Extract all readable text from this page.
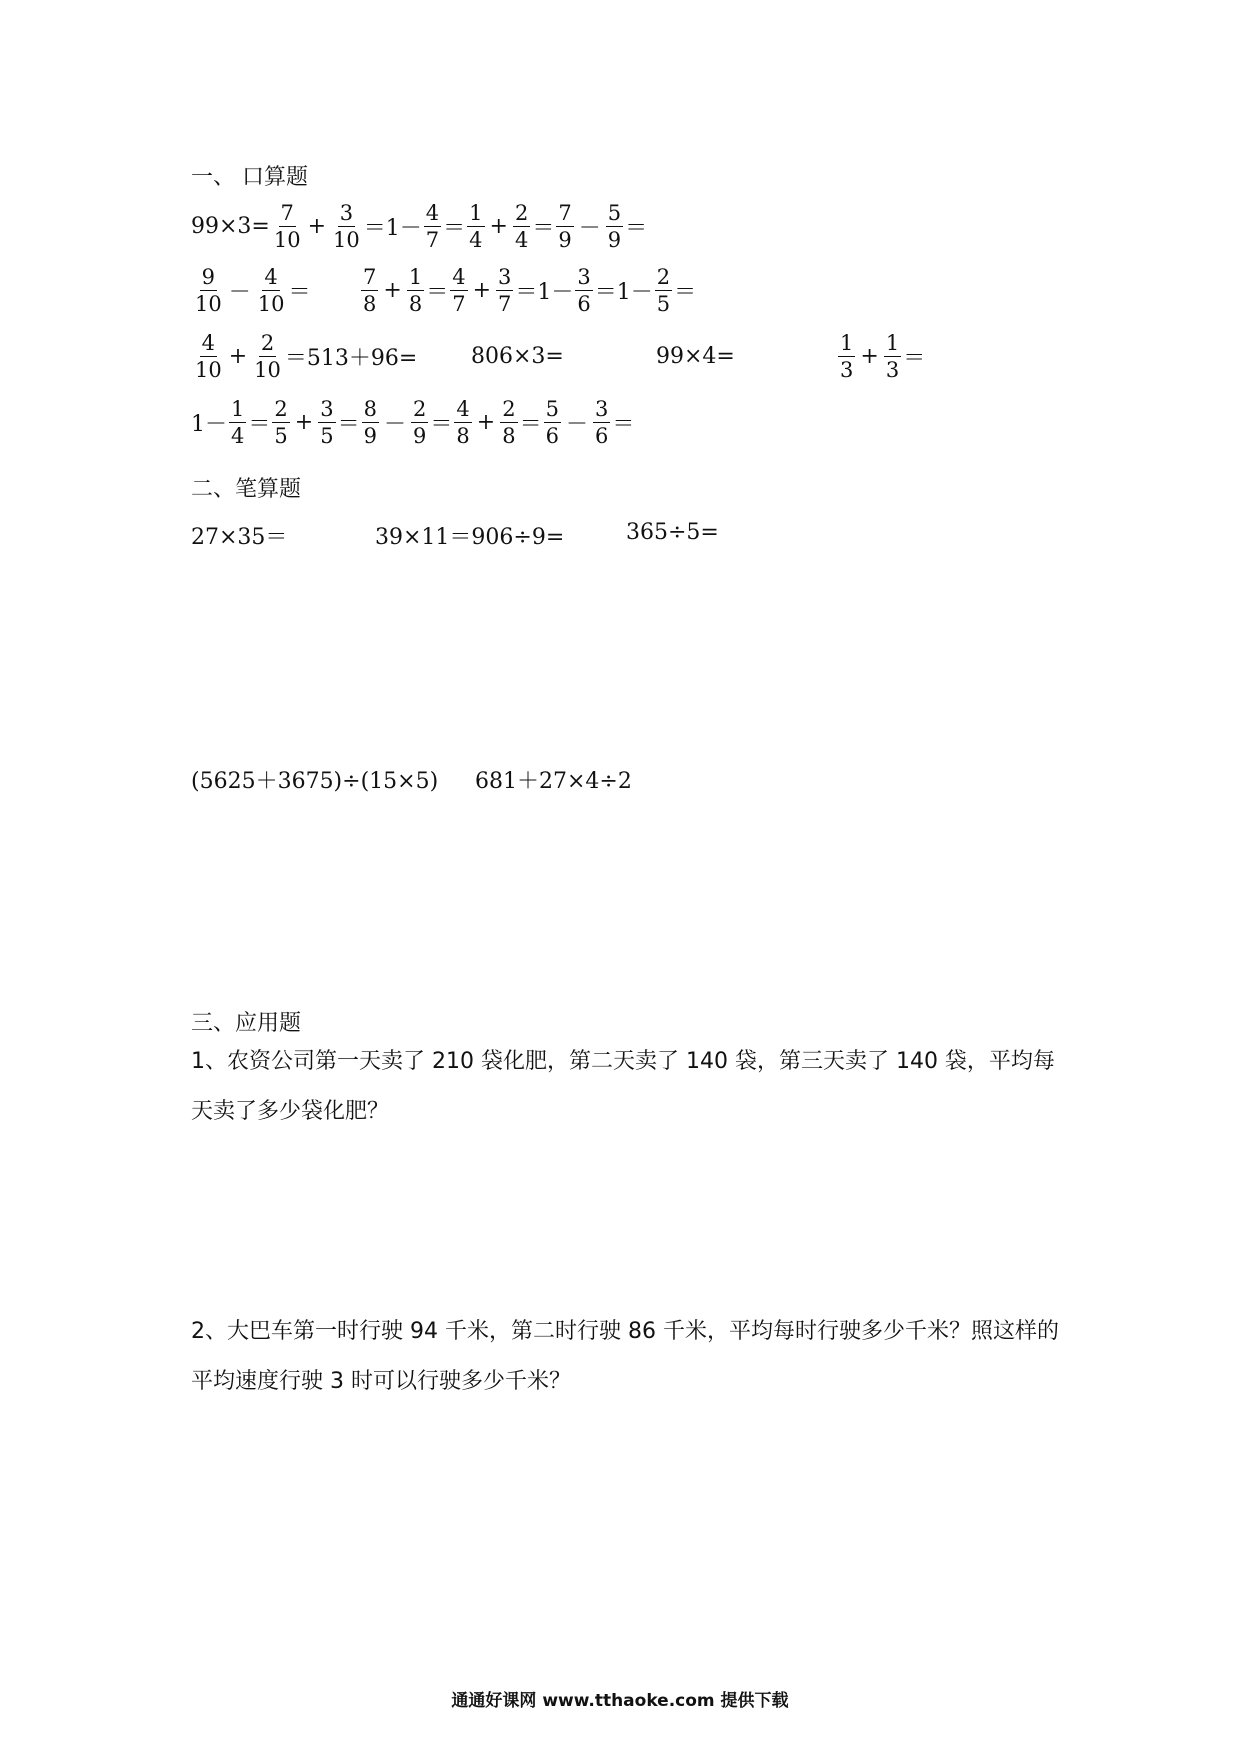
一、 口算题
$99\times 3= \frac{7}{10} + \frac{3}{10} =1- \frac{4}{7} = \frac{1}{4} + \frac{2}{4} = \frac{7}{9} - \frac{5}{9}$ ＝
$\frac{9}{10} - \frac{4}{10} = \frac{7}{8} + \frac{1}{8} = \frac{4}{7} + \frac{3}{7} =1- \frac{3}{6} =1- \frac{2}{5}$ ＝
$\frac{4}{10} + \frac{2}{10} =513+96= 806\times 3=$	99×4=	$\frac{1}{3} + \frac{1}{3}$ ＝
$1- \frac{1}{4} = \frac{2}{5} + \frac{3}{5} = \frac{8}{9} - \frac{2}{9} = \frac{4}{8} + \frac{2}{8} = \frac{5}{6} - \frac{3}{6}$ ＝
二、笔算题
27×35＝	39×11＝906÷9=	365÷5=
(5625＋3675)÷(15×5) 681＋27×4÷2
三、应用题
1、农资公司第一天卖了 210 袋化肥，第二天卖了 140 袋，第三天卖了 140 袋，平均每天卖了多少袋化肥？
2、大巴车第一时行驶 94 千米，第二时行驶 86 千米，平均每时行驶多少千米？照这样的平均速度行驶 3 时可以行驶多少千米？
通通好课网 www.tthaoke.com 提供下载
